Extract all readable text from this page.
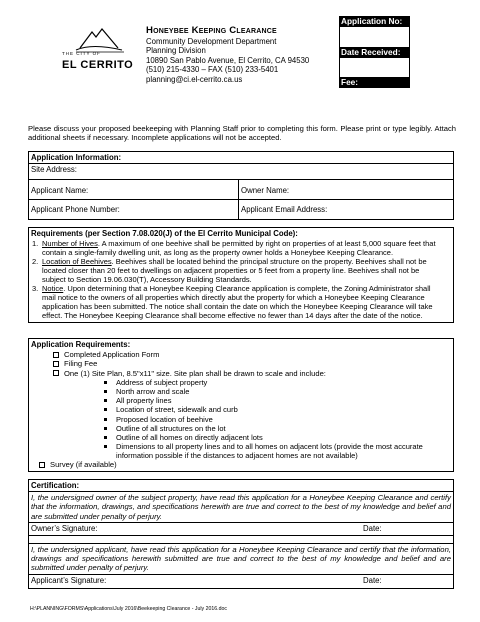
THE CITY OF
EL CERRITO
Honeybee Keeping Clearance
Community Development Department
Planning Division
10890 San Pablo Avenue, El Cerrito, CA 94530
(510) 215-4330 – FAX (510) 233-5401
planning@ci.el-cerrito.ca.us
Application No:
Date Received:
Fee:
Please discuss your proposed beekeeping with Planning Staff prior to completing this form. Please print or type legibly. Attach additional sheets if necessary. Incomplete applications will not be accepted.
Application Information:
Site Address:
Applicant Name:	Owner Name:
Applicant Phone Number:	Applicant Email Address:
Requirements (per Section 7.08.020(J) of the El Cerrito Municipal Code):
1. Number of Hives. A maximum of one beehive shall be permitted by right on properties of at least 5,000 square feet that contain a single-family dwelling unit, as long as the property owner holds a Honeybee Keeping Clearance.
2. Location of Beehives. Beehives shall be located behind the principal structure on the property. Beehives shall not be located closer than 20 feet to dwellings on adjacent properties or 5 feet from a property line. Beehives shall not be subject to Section 19.06.030(T), Accessory Building Standards.
3. Notice. Upon determining that a Honeybee Keeping Clearance application is complete, the Zoning Administrator shall mail notice to the owners of all properties which directly abut the property for which a Honeybee Keeping Clearance application has been submitted. The notice shall contain the date on which the Honeybee Keeping Clearance will take effect. The Honeybee Keeping Clearance shall become effective no fewer than 14 days after the date of the notice.
Application Requirements:
Completed Application Form
Filing Fee
One (1) Site Plan, 8.5"x11" size. Site plan shall be drawn to scale and include:
Address of subject property
North arrow and scale
All property lines
Location of street, sidewalk and curb
Proposed location of beehive
Outline of all structures on the lot
Outline of all homes on directly adjacent lots
Dimensions to all property lines and to all homes on adjacent lots (provide the most accurate information possible if the distances to adjacent homes are not available)
Survey (if available)
Certification:
I, the undersigned owner of the subject property, have read this application for a Honeybee Keeping Clearance and certify that the information, drawings, and specifications herewith are true and correct to the best of my knowledge and belief and are submitted under penalty of perjury.
Owner’s Signature:	Date:
I, the undersigned applicant, have read this application for a Honeybee Keeping Clearance and certify that the information, drawings and specifications herewith submitted are true and correct to the best of my knowledge and belief and are submitted under penalty of perjury.
Applicant’s Signature:	Date:
H:\PLANNING\FORMS\Applications\July 2016\Beekeeping Clearance - July 2016.doc
